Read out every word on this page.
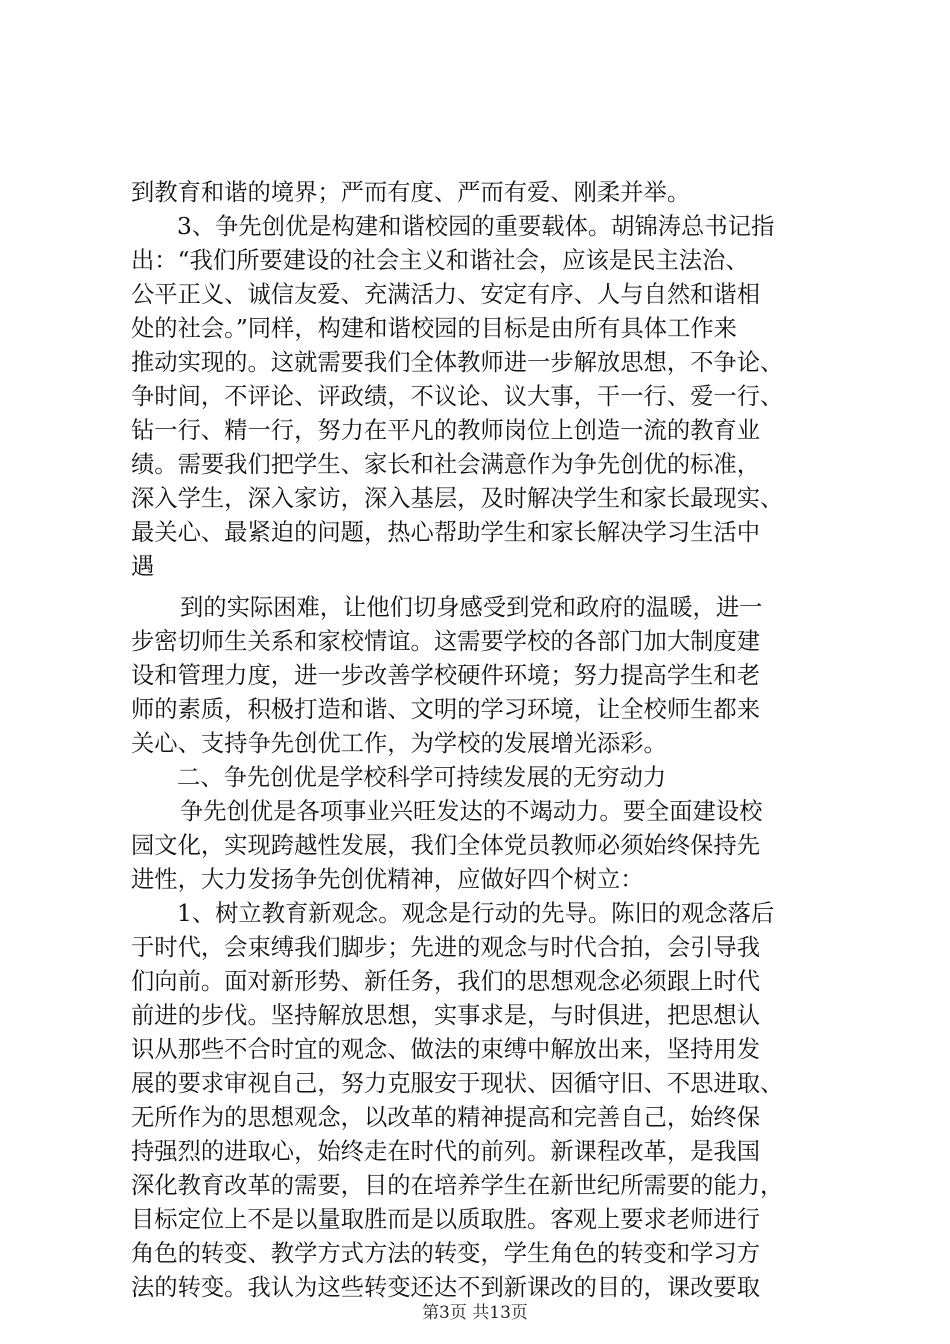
到教育和谐的境界；严而有度、严而有爱、刚柔并举。
3、争先创优是构建和谐校园的重要载体。胡锦涛总书记指
出：“我们所要建设的社会主义和谐社会，应该是民主法治、
公平正义、诚信友爱、充满活力、安定有序、人与自然和谐相
处的社会。”同样，构建和谐校园的目标是由所有具体工作来
推动实现的。这就需要我们全体教师进一步解放思想，不争论、
争时间，不评论、评政绩，不议论、议大事，干一行、爱一行、
钻一行、精一行，努力在平凡的教师岗位上创造一流的教育业
绩。需要我们把学生、家长和社会满意作为争先创优的标准，
深入学生，深入家访，深入基层，及时解决学生和家长最现实、
最关心、最紧迫的问题，热心帮助学生和家长解决学习生活中
遇
到的实际困难，让他们切身感受到党和政府的温暖，进一
步密切师生关系和家校情谊。这需要学校的各部门加大制度建
设和管理力度，进一步改善学校硬件环境；努力提高学生和老
师的素质，积极打造和谐、文明的学习环境，让全校师生都来
关心、支持争先创优工作，为学校的发展增光添彩。
二、争先创优是学校科学可持续发展的无穷动力
争先创优是各项事业兴旺发达的不竭动力。要全面建设校
园文化，实现跨越性发展，我们全体党员教师必须始终保持先
进性，大力发扬争先创优精神，应做好四个树立：
1、树立教育新观念。观念是行动的先导。陈旧的观念落后
于时代，会束缚我们脚步；先进的观念与时代合拍，会引导我
们向前。面对新形势、新任务，我们的思想观念必须跟上时代
前进的步伐。坚持解放思想，实事求是，与时俱进，把思想认
识从那些不合时宜的观念、做法的束缚中解放出来，坚持用发
展的要求审视自己，努力克服安于现状、因循守旧、不思进取、
无所作为的思想观念，以改革的精神提高和完善自己，始终保
持强烈的进取心，始终走在时代的前列。新课程改革，是我国
深化教育改革的需要，目的在培养学生在新世纪所需要的能力，
目标定位上不是以量取胜而是以质取胜。客观上要求老师进行
角色的转变、教学方式方法的转变，学生角色的转变和学习方
法的转变。我认为这些转变还达不到新课改的目的，课改要取
第3页 共13页
